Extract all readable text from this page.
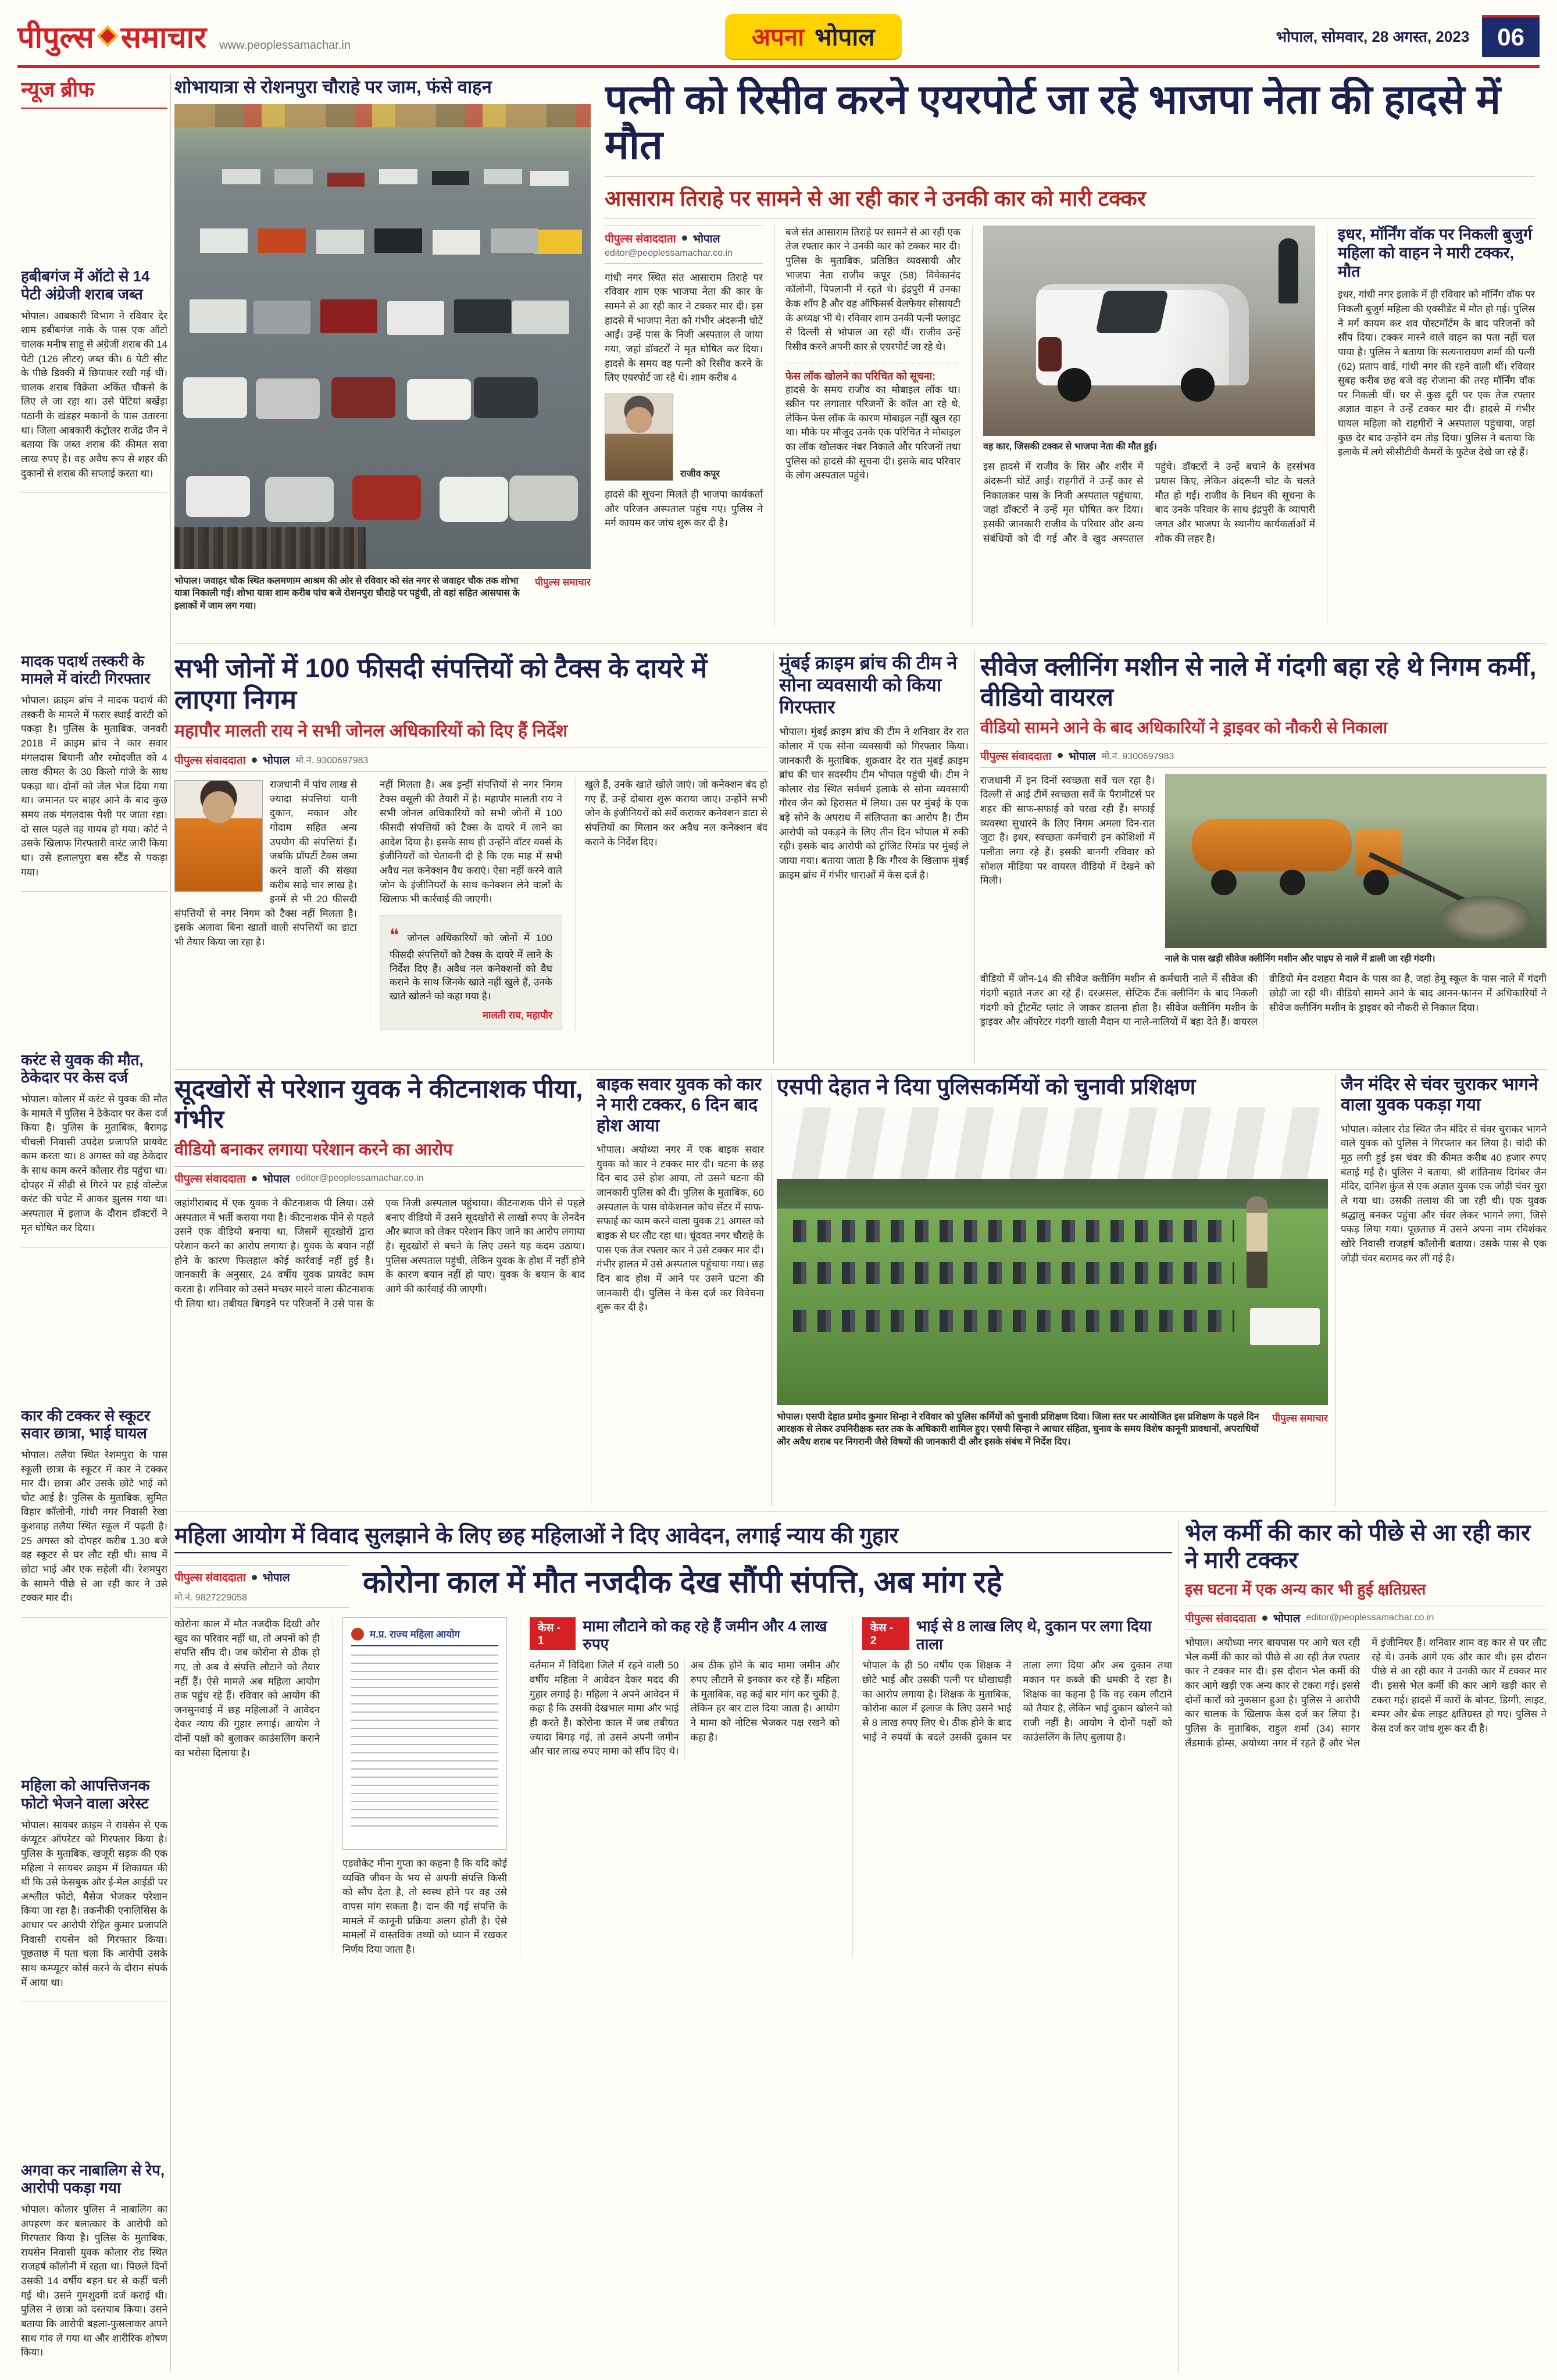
पीपुल्स समाचार www.peoplessamachar.in	अपना भोपाल	भोपाल, सोमवार, 28 अगस्त, 2023	06
न्यूज ब्रीफ
हबीबगंज में ऑटो से 14 पेटी अंग्रेजी शराब जब्त

भोपाल। आबकारी विभाग ने रविवार देर शाम हबीबगंज नाके के पास एक ऑटो चालक मनीष साहू से अंग्रेजी शराब की 14 पेटी (126 लीटर) जब्त की। 6 पेटी सीट के पीछे डिक्की में छिपाकर रखी गई थीं। चालक शराब विक्रेता अकिंत चौकसे के लिए ले जा रहा था। उसे पेटियां बर्खेड़ा पठानी के खंडहर मकानों के पास उतारना था। जिला आबकारी कंट्रोलर राजेंद्र जैन ने बताया कि जब्त शराब की कीमत सवा लाख रुपए है। वह अवैध रूप से शहर की दुकानों से शराब की सप्लाई करता था।

मादक पदार्थ तस्करी के मामले में वांरटी गिरफ्तार

भोपाल। क्राइम ब्रांच ने मादक पदार्थ की तस्करी के मामले में फरार स्थाई वारंटी को पकड़ा है। पुलिस के मुताबिक, जनवरी 2018 में क्राइम ब्रांच ने कार सवार मंगलदास बियानी और रमोदजीत को 4 लाख कीमत के 30 किलो गांजे के साथ पकड़ा था। दोनों को जेल भेज दिया गया था। जमानत पर बाहर आने के बाद कुछ समय तक मंगलदास पेशी पर जाता रहा। दो साल पहले वह गायब हो गया। कोर्ट ने उसके खिलाफ गिरफ्तारी वारंट जारी किया था। उसे हलालपुरा बस स्टैंड से पकड़ा गया।

करंट से युवक की मौत, ठेकेदार पर केस दर्ज

भोपाल। कोलार में करंट से युवक की मौत के मामले में पुलिस ने ठेकेदार पर केस दर्ज किया है। पुलिस के मुताबिक, बैरागढ़ चीचली निवासी उपदेश प्रजापति प्रायवेट काम करता था। 8 अगस्त को वह ठेकेदार के साथ काम करने कोलार रोड पहुंचा था। दोपहर में सीढ़ी से गिरने पर हाई वोल्टेज करंट की चपेट में आकर झुलस गया था। अस्पताल में इलाज के दौरान डॉक्टरों ने मृत घोषित कर दिया।

कार की टक्कर से स्कूटर सवार छात्रा, भाई घायल

भोपाल। तलैया स्थित रेशमपुरा के पास स्कूली छात्रा के स्कूटर में कार ने टक्कर मार दी। छात्रा और उसके छोटे भाई को चोट आई है। पुलिस के मुताबिक, सुमित विहार कॉलोनी, गांधी नगर निवासी रेखा कुशवाह तलैया स्थित स्कूल में पढ़ती है। 25 अगस्त को दोपहर करीब 1.30 बजे वह स्कूटर से घर लौट रही थी। साथ में छोटा भाई और एक सहेली थी। रेशमपुरा के सामने पीछे से आ रही कार ने उसे टक्कर मार दी।

महिला को आपत्तिजनक फोटो भेजने वाला अरेस्ट

भोपाल। सायबर क्राइम ने रायसेन से एक कंप्यूटर ऑपरेटर को गिरफ्तार किया है। पुलिस के मुताबिक, खजूरी सड़क की एक महिला ने सायबर क्राइम में शिकायत की थी कि उसे फेसबुक और ई-मेल आईडी पर अश्लील फोटो, मैसेज भेजकर परेशान किया जा रहा है। तकनीकी एनालिसिस के आधार पर आरोपी रोहित कुमार प्रजापति निवासी रायसेन को गिरफ्तार किया। पूछताछ में पता चला कि आरोपी उसके साथ कम्प्यूटर कोर्स करने के दौरान संपर्क में आया था।

अगवा कर नाबालिग से रेप, आरोपी पकड़ा गया

भोपाल। कोलार पुलिस ने नाबालिग का अपहरण कर बलात्कार के आरोपी को गिरफ्तार किया है। पुलिस के मुताबिक, रायसेन निवासी युवक कोलार रोड स्थित राजहर्ष कॉलोनी में रहता था। पिछले दिनों उसकी 14 वर्षीय बहन घर से कहीं चली गई थी। उसने गुमशुदगी दर्ज कराई थी। पुलिस ने छात्रा को दस्तयाब किया। उसने बताया कि आरोपी बहला-फुसलाकर अपने साथ गांव ले गया था और शारीरिक शोषण किया।

शोभायात्रा से रोशनपुरा चौराहे पर जाम, फंसे वाहन

भोपाल। जवाहर चौक स्थित कलमणाम आश्रम की ओर से रविवार को संत नगर से जवाहर चौक तक शोभा यात्रा निकाली गई। शोभा यात्रा शाम करीब पांच बजे रोशनपुरा चौराहे पर पहुंची, तो वहां सहित आसपास के इलाकों में जाम लग गया।

पीपुल्स समाचार
पत्नी को रिसीव करने एयरपोर्ट जा रहे भाजपा नेता की हादसे में मौत
आसाराम तिराहे पर सामने से आ रही कार ने उनकी कार को मारी टक्कर
पीपुल्स संवाददाता भोपाल
editor@peoplessamachar.co.in

गांधी नगर स्थित संत आसाराम तिराहे पर रविवार शाम एक भाजपा नेता की कार के सामने से आ रही कार ने टक्कर मार दी। इस हादसे में भाजपा नेता को गंभीर अंदरूनी चोटें आईं। उन्हें पास के निजी अस्पताल ले जाया गया, जहां डॉक्टरों ने मृत घोषित कर दिया। हादसे के समय वह पत्नी को रिसीव करने के लिए एयरपोर्ट जा रहे थे। शाम करीब 4

राजीव कपूर

हादसे की सूचना मिलते ही भाजपा कार्यकर्ता और परिजन अस्पताल पहुंच गए। पुलिस ने मर्ग कायम कर जांच शुरू कर दी है।

बजे संत आसाराम तिराहे पर सामने से आ रही एक तेज रफ्तार कार ने उनकी कार को टक्कर मार दी। पुलिस के मुताबिक, प्रतिष्ठित व्यवसायी और भाजपा नेता राजीव कपूर (58) विवेकानंद कॉलोनी, पिपलानी में रहते थे। इंद्रपुरी में उनका केक शॉप है और वह ऑफिसर्स वेलफेयर सोसायटी के अध्यक्ष भी थे। रविवार शाम उनकी पत्नी फ्लाइट से दिल्ली से भोपाल आ रही थीं। राजीव उन्हें रिसीव करने अपनी कार से एयरपोर्ट जा रहे थे।

फेस लॉक खोलने का परिचित को सूचना:

हादसे के समय राजीव का मोबाइल लॉक था। स्क्रीन पर लगातार परिजनों के कॉल आ रहे थे, लेकिन फेस लॉक के कारण मोबाइल नहीं खुल रहा था। मौके पर मौजूद उनके एक परिचित ने मोबाइल का लॉक खोलकर नंबर निकाले और परिजनों तथा पुलिस को हादसे की सूचना दी। इसके बाद परिवार के लोग अस्पताल पहुंचे।

वह कार, जिसकी टक्कर से भाजपा नेता की मौत हुई।

इस हादसे में राजीव के सिर और शरीर में अंदरूनी चोटें आईं। राहगीरों ने उन्हें कार से निकालकर पास के निजी अस्पताल पहुंचाया, जहां डॉक्टरों ने उन्हें मृत घोषित कर दिया। इसकी जानकारी राजीव के परिवार और अन्य संबंधियों को दी गई और वे खुद अस्पताल पहुंचे। डॉक्टरों ने उन्हें बचाने के हरसंभव प्रयास किए, लेकिन अंदरूनी चोट के चलते मौत हो गई। राजीव के निधन की सूचना के बाद उनके परिवार के साथ इंद्रपुरी के व्यापारी जगत और भाजपा के स्थानीय कार्यकर्ताओं में शोक की लहर है।
इधर, मॉर्निंग वॉक पर निकली बुजुर्ग महिला को वाहन ने मारी टक्कर, मौत

इधर, गांधी नगर इलाके में ही रविवार को मॉर्निंग वॉक पर निकली बुजुर्ग महिला की एक्सीडेंट में मौत हो गई। पुलिस ने मर्ग कायम कर शव पोस्टमॉर्टम के बाद परिजनों को सौंप दिया। टक्कर मारने वाले वाहन का पता नहीं चल पाया है। पुलिस ने बताया कि सत्यनारायण शर्मा की पत्नी (62) प्रताप वार्ड, गांधी नगर की रहने वाली थीं। रविवार सुबह करीब छह बजे वह रोजाना की तरह मॉर्निंग वॉक पर निकली थीं। घर से कुछ दूरी पर एक तेज रफ्तार अज्ञात वाहन ने उन्हें टक्कर मार दी। हादसे में गंभीर घायल महिला को राहगीरों ने अस्पताल पहुंचाया, जहां कुछ देर बाद उन्होंने दम तोड़ दिया। पुलिस ने बताया कि इलाके में लगे सीसीटीवी कैमरों के फुटेज देखे जा रहे हैं।

सभी जोनों में 100 फीसदी संपत्तियों को टैक्स के दायरे में लाएगा निगम
महापौर मालती राय ने सभी जोनल अधिकारियों को दिए हैं निर्देश
पीपुल्स संवाददाता भोपाल मो.नं. 9300697983

राजधानी में पांच लाख से ज्यादा संपत्तियां यानी दुकान, मकान और गोदाम सहित अन्य उपयोग की संपत्तियां हैं। जबकि प्रॉपर्टी टैक्स जमा करने वालों की संख्या करीब साढ़े चार लाख है। इनमें से भी 20 फीसदी संपत्तियों से नगर निगम को टैक्स नहीं मिलता है। इसके अलावा बिना खातों वाली संपत्तियों का डाटा भी तैयार किया जा रहा है।

नहीं मिलता है। अब इन्हीं संपत्तियों से नगर निगम टैक्स वसूली की तैयारी में है। महापौर मालती राय ने सभी जोनल अधिकारियों को सभी जोनों में 100 फीसदी संपत्तियों को टैक्स के दायरे में लाने का आदेश दिया है। इसके साथ ही उन्होंने वॉटर वर्क्स के इंजीनियरों को चेतावनी दी है कि एक माह में सभी अवैध नल कनेक्शन वैध कराएं। ऐसा नहीं करने वाले जोन के इंजीनियरों के साथ कनेक्शन लेने वालों के खिलाफ भी कार्रवाई की जाएगी।

❝ जोनल अधिकारियों को जोनों में 100 फीसदी संपत्तियों को टैक्स के दायरे में लाने के निर्देश दिए हैं। अवैध नल कनेक्शनों को वैध कराने के साथ जिनके खाते नहीं खुले हैं, उनके खाते खोलने को कहा गया है।

मालती राय, महापौर

खुले हैं, उनके खाते खोले जाएं। जो कनेक्शन बंद हो गए हैं, उन्हें दोबारा शुरू कराया जाए। उन्होंने सभी जोन के इंजीनियरों को सर्वे कराकर कनेक्शन डाटा से संपत्तियों का मिलान कर अवैध नल कनेक्शन बंद कराने के निर्देश दिए।

मुंबई क्राइम ब्रांच की टीम ने सोना व्यवसायी को किया गिरफ्तार

भोपाल। मुंबई क्राइम ब्रांच की टीम ने शनिवार देर रात कोलार में एक सोना व्यवसायी को गिरफ्तार किया। जानकारी के मुताबिक, शुक्रवार देर रात मुंबई क्राइम ब्रांच की चार सदस्यीय टीम भोपाल पहुंची थी। टीम ने कोलार रोड स्थित सर्वधर्म इलाके से सोना व्यवसायी गौरव जैन को हिरासत में लिया। उस पर मुंबई के एक बड़े सोने के अपराध में संलिप्तता का आरोप है। टीम आरोपी को पकड़ने के लिए तीन दिन भोपाल में रुकी रही। इसके बाद आरोपी को ट्रांजिट रिमांड पर मुंबई ले जाया गया। बताया जाता है कि गौरव के खिलाफ मुंबई क्राइम ब्रांच में गंभीर धाराओं में केस दर्ज है।

सीवेज क्लीनिंग मशीन से नाले में गंदगी बहा रहे थे निगम कर्मी, वीडियो वायरल
वीडियो सामने आने के बाद अधिकारियों ने ड्राइवर को नौकरी से निकाला
पीपुल्स संवाददाता भोपाल मो.नं. 9300697983

राजधानी में इन दिनों स्वच्छता सर्वे चल रहा है। दिल्ली से आई टीमें स्वच्छता सर्वे के पैरामीटर्स पर शहर की साफ-सफाई को परख रही हैं। सफाई व्यवस्था सुधारने के लिए निगम अमला दिन-रात जुटा है। इधर, स्वच्छता कर्मचारी इन कोशिशों में पलीता लगा रहे हैं। इसकी बानगी रविवार को सोशल मीडिया पर वायरल वीडियो में देखने को मिली।

नाले के पास खड़ी सीवेज क्लीनिंग मशीन और पाइप से नाले में डाली जा रही गंदगी।

वीडियो में जोन-14 की सीवेज क्लीनिंग मशीन से कर्मचारी नाले में सीवेज की गंदगी बहाते नजर आ रहे हैं। दरअसल, सेप्टिक टैंक क्लीनिंग के बाद निकली गंदगी को ट्रीटमेंट प्लांट ले जाकर डालना होता है। सीवेज क्लीनिंग मशीन के ड्राइवर और ऑपरेटर गंदगी खाली मैदान या नाले-नालियों में बहा देते हैं। वायरल वीडियो मेन दशहरा मैदान के पास का है, जहां हेमू स्कूल के पास नाले में गंदगी छोड़ी जा रही थी। वीडियो सामने आने के बाद आनन-फानन में अधिकारियों ने सीवेज क्लीनिंग मशीन के ड्राइवर को नौकरी से निकाल दिया।
सूदखोरों से परेशान युवक ने कीटनाशक पीया, गंभीर
वीडियो बनाकर लगाया परेशान करने का आरोप
पीपुल्स संवाददाता भोपाल editor@peoplessamachar.co.in
जहांगीराबाद में एक युवक ने कीटनाशक पी लिया। उसे अस्पताल में भर्ती कराया गया है। कीटनाशक पीने से पहले उसने एक वीडियो बनाया था, जिसमें सूदखोरों द्वारा परेशान करने का आरोप लगाया है। युवक के बयान नहीं होने के कारण फिलहाल कोई कार्रवाई नहीं हुई है। जानकारी के अनुसार, 24 वर्षीय युवक प्रायवेट काम करता है। शनिवार को उसने मच्छर मारने वाला कीटनाशक पी लिया था। तबीयत बिगड़ने पर परिजनों ने उसे पास के एक निजी अस्पताल पहुंचाया। कीटनाशक पीने से पहले बनाए वीडियो में उसने सूदखोरों से लाखों रुपए के लेनदेन और ब्याज को लेकर परेशान किए जाने का आरोप लगाया है। सूदखोरों से बचने के लिए उसने यह कदम उठाया। पुलिस अस्पताल पहुंची, लेकिन युवक के होश में नहीं होने के कारण बयान नहीं हो पाए। युवक के बयान के बाद आगे की कार्रवाई की जाएगी।
बाइक सवार युवक को कार ने मारी टक्कर, 6 दिन बाद होश आया

भोपाल। अयोध्या नगर में एक बाइक सवार युवक को कार ने टक्कर मार दी। घटना के छह दिन बाद उसे होश आया, तो उसने घटना की जानकारी पुलिस को दी। पुलिस के मुताबिक, 60 अस्पताल के पास वोकेशनल कोच सेंटर में साफ-सफाई का काम करने वाला युवक 21 अगस्त को बाइक से घर लौट रहा था। चूंदवत नगर चौराहे के पास एक तेज रफ्तार कार ने उसे टक्कर मार दी। गंभीर हालत में उसे अस्पताल पहुंचाया गया। छह दिन बाद होश में आने पर उसने घटना की जानकारी दी। पुलिस ने केस दर्ज कर विवेचना शुरू कर दी है।

एसपी देहात ने दिया पुलिसकर्मियों को चुनावी प्रशिक्षण

भोपाल। एसपी देहात प्रमोद कुमार सिन्हा ने रविवार को पुलिस कर्मियों को चुनावी प्रशिक्षण दिया। जिला स्तर पर आयोजित इस प्रशिक्षण के पहले दिन आरक्षक से लेकर उपनिरीक्षक स्तर तक के अधिकारी शामिल हुए। एसपी सिन्हा ने आचार संहिता, चुनाव के समय विशेष कानूनी प्रावधानों, अपराधियों और अवैध शराब पर निगरानी जैसे विषयों की जानकारी दी और इसके संबंध में निर्देश दिए।

पीपुल्स समाचार
जैन मंदिर से चंवर चुराकर भागने वाला युवक पकड़ा गया

भोपाल। कोलार रोड स्थित जैन मंदिर से चंवर चुराकर भागने वाले युवक को पुलिस ने गिरफ्तार कर लिया है। चांदी की मूठ लगी हुई इस चंवर की कीमत करीब 40 हजार रुपए बताई गई है। पुलिस ने बताया, श्री शांतिनाथ दिगंबर जैन मंदिर, दानिश कुंज से एक अज्ञात युवक एक जोड़ी चंवर चुरा ले गया था। उसकी तलाश की जा रही थी। एक युवक श्रद्धालु बनकर पहुंचा और चंवर लेकर भागने लगा, जिसे पकड़ लिया गया। पूछताछ में उसने अपना नाम रविशंकर खोरे निवासी राजहर्ष कॉलोनी बताया। उसके पास से एक जोड़ी चंवर बरामद कर ली गई है।

महिला आयोग में विवाद सुलझाने के लिए छह महिलाओं ने दिए आवेदन, लगाई न्याय की गुहार
पीपुल्स संवाददाता भोपाल
मो.नं. 9827229058	कोरोना काल में मौत नजदीक देख सौंपी संपत्ति, अब मांग रहे

कोरोना काल में मौत नजदीक दिखी और खुद का परिवार नहीं था, तो अपनों को ही संपत्ति सौंप दी। जब कोरोना से ठीक हो गए, तो अब वे संपत्ति लौटाने को तैयार नहीं हैं। ऐसे मामले अब महिला आयोग तक पहुंच रहे हैं। रविवार को आयोग की जनसुनवाई में छह महिलाओं ने आवेदन देकर न्याय की गुहार लगाई। आयोग ने दोनों पक्षों को बुलाकर काउंसलिंग कराने का भरोसा दिलाया है।

म.प्र. राज्य महिला आयोग

एडवोकेट मीना गुप्ता का कहना है कि यदि कोई व्यक्ति जीवन के भय से अपनी संपत्ति किसी को सौंप देता है, तो स्वस्थ होने पर वह उसे वापस मांग सकता है। दान की गई संपत्ति के मामले में कानूनी प्रक्रिया अलग होती है। ऐसे मामलों में वास्तविक तथ्यों को ध्यान में रखकर निर्णय दिया जाता है।

केस - 1
मामा लौटाने को कह रहे हैं जमीन और 4 लाख रुपए
वर्तमान में विदिशा जिले में रहने वाली 50 वर्षीय महिला ने आवेदन देकर मदद की गुहार लगाई है। महिला ने अपने आवेदन में कहा है कि उसकी देखभाल मामा और भाई ही करते हैं। कोरोना काल में जब तबीयत ज्यादा बिगड़ गई, तो उसने अपनी जमीन और चार लाख रुपए मामा को सौंप दिए थे। अब ठीक होने के बाद मामा जमीन और रुपए लौटाने से इनकार कर रहे हैं। महिला के मुताबिक, वह कई बार मांग कर चुकी है, लेकिन हर बार टाल दिया जाता है। आयोग ने मामा को नोटिस भेजकर पक्ष रखने को कहा है।
केस - 2
भाई से 8 लाख लिए थे, दुकान पर लगा दिया ताला
भोपाल के ही 50 वर्षीय एक शिक्षक ने छोटे भाई और उसकी पत्नी पर धोखाधड़ी का आरोप लगाया है। शिक्षक के मुताबिक, कोरोना काल में इलाज के लिए उसने भाई से 8 लाख रुपए लिए थे। ठीक होने के बाद भाई ने रुपयों के बदले उसकी दुकान पर ताला लगा दिया और अब दुकान तथा मकान पर कब्जे की धमकी दे रहा है। शिक्षक का कहना है कि वह रकम लौटाने को तैयार है, लेकिन भाई दुकान खोलने को राजी नहीं है। आयोग ने दोनों पक्षों को काउंसलिंग के लिए बुलाया है।
भेल कर्मी की कार को पीछे से आ रही कार ने मारी टक्कर
इस घटना में एक अन्य कार भी हुई क्षतिग्रस्त
पीपुल्स संवाददाता भोपाल editor@peoplessamachar.co.in
भोपाल। अयोध्या नगर बायपास पर आगे चल रही भेल कर्मी की कार को पीछे से आ रही तेज रफ्तार कार ने टक्कर मार दी। इस दौरान भेल कर्मी की कार आगे खड़ी एक अन्य कार से टकरा गई। इससे दोनों कारों को नुकसान हुआ है। पुलिस ने आरोपी कार चालक के खिलाफ केस दर्ज कर लिया है। पुलिस के मुताबिक, राहुल शर्मा (34) सागर लैंडमार्क होम्स, अयोध्या नगर में रहते हैं और भेल में इंजीनियर हैं। शनिवार शाम वह कार से घर लौट रहे थे। उनके आगे एक और कार थी। इस दौरान पीछे से आ रही कार ने उनकी कार में टक्कर मार दी। इससे भेल कर्मी की कार आगे खड़ी कार से टकरा गई। हादसे में कारों के बोनट, डिग्गी, लाइट, बम्पर और ब्रेक लाइट क्षतिग्रस्त हो गए। पुलिस ने केस दर्ज कर जांच शुरू कर दी है।
